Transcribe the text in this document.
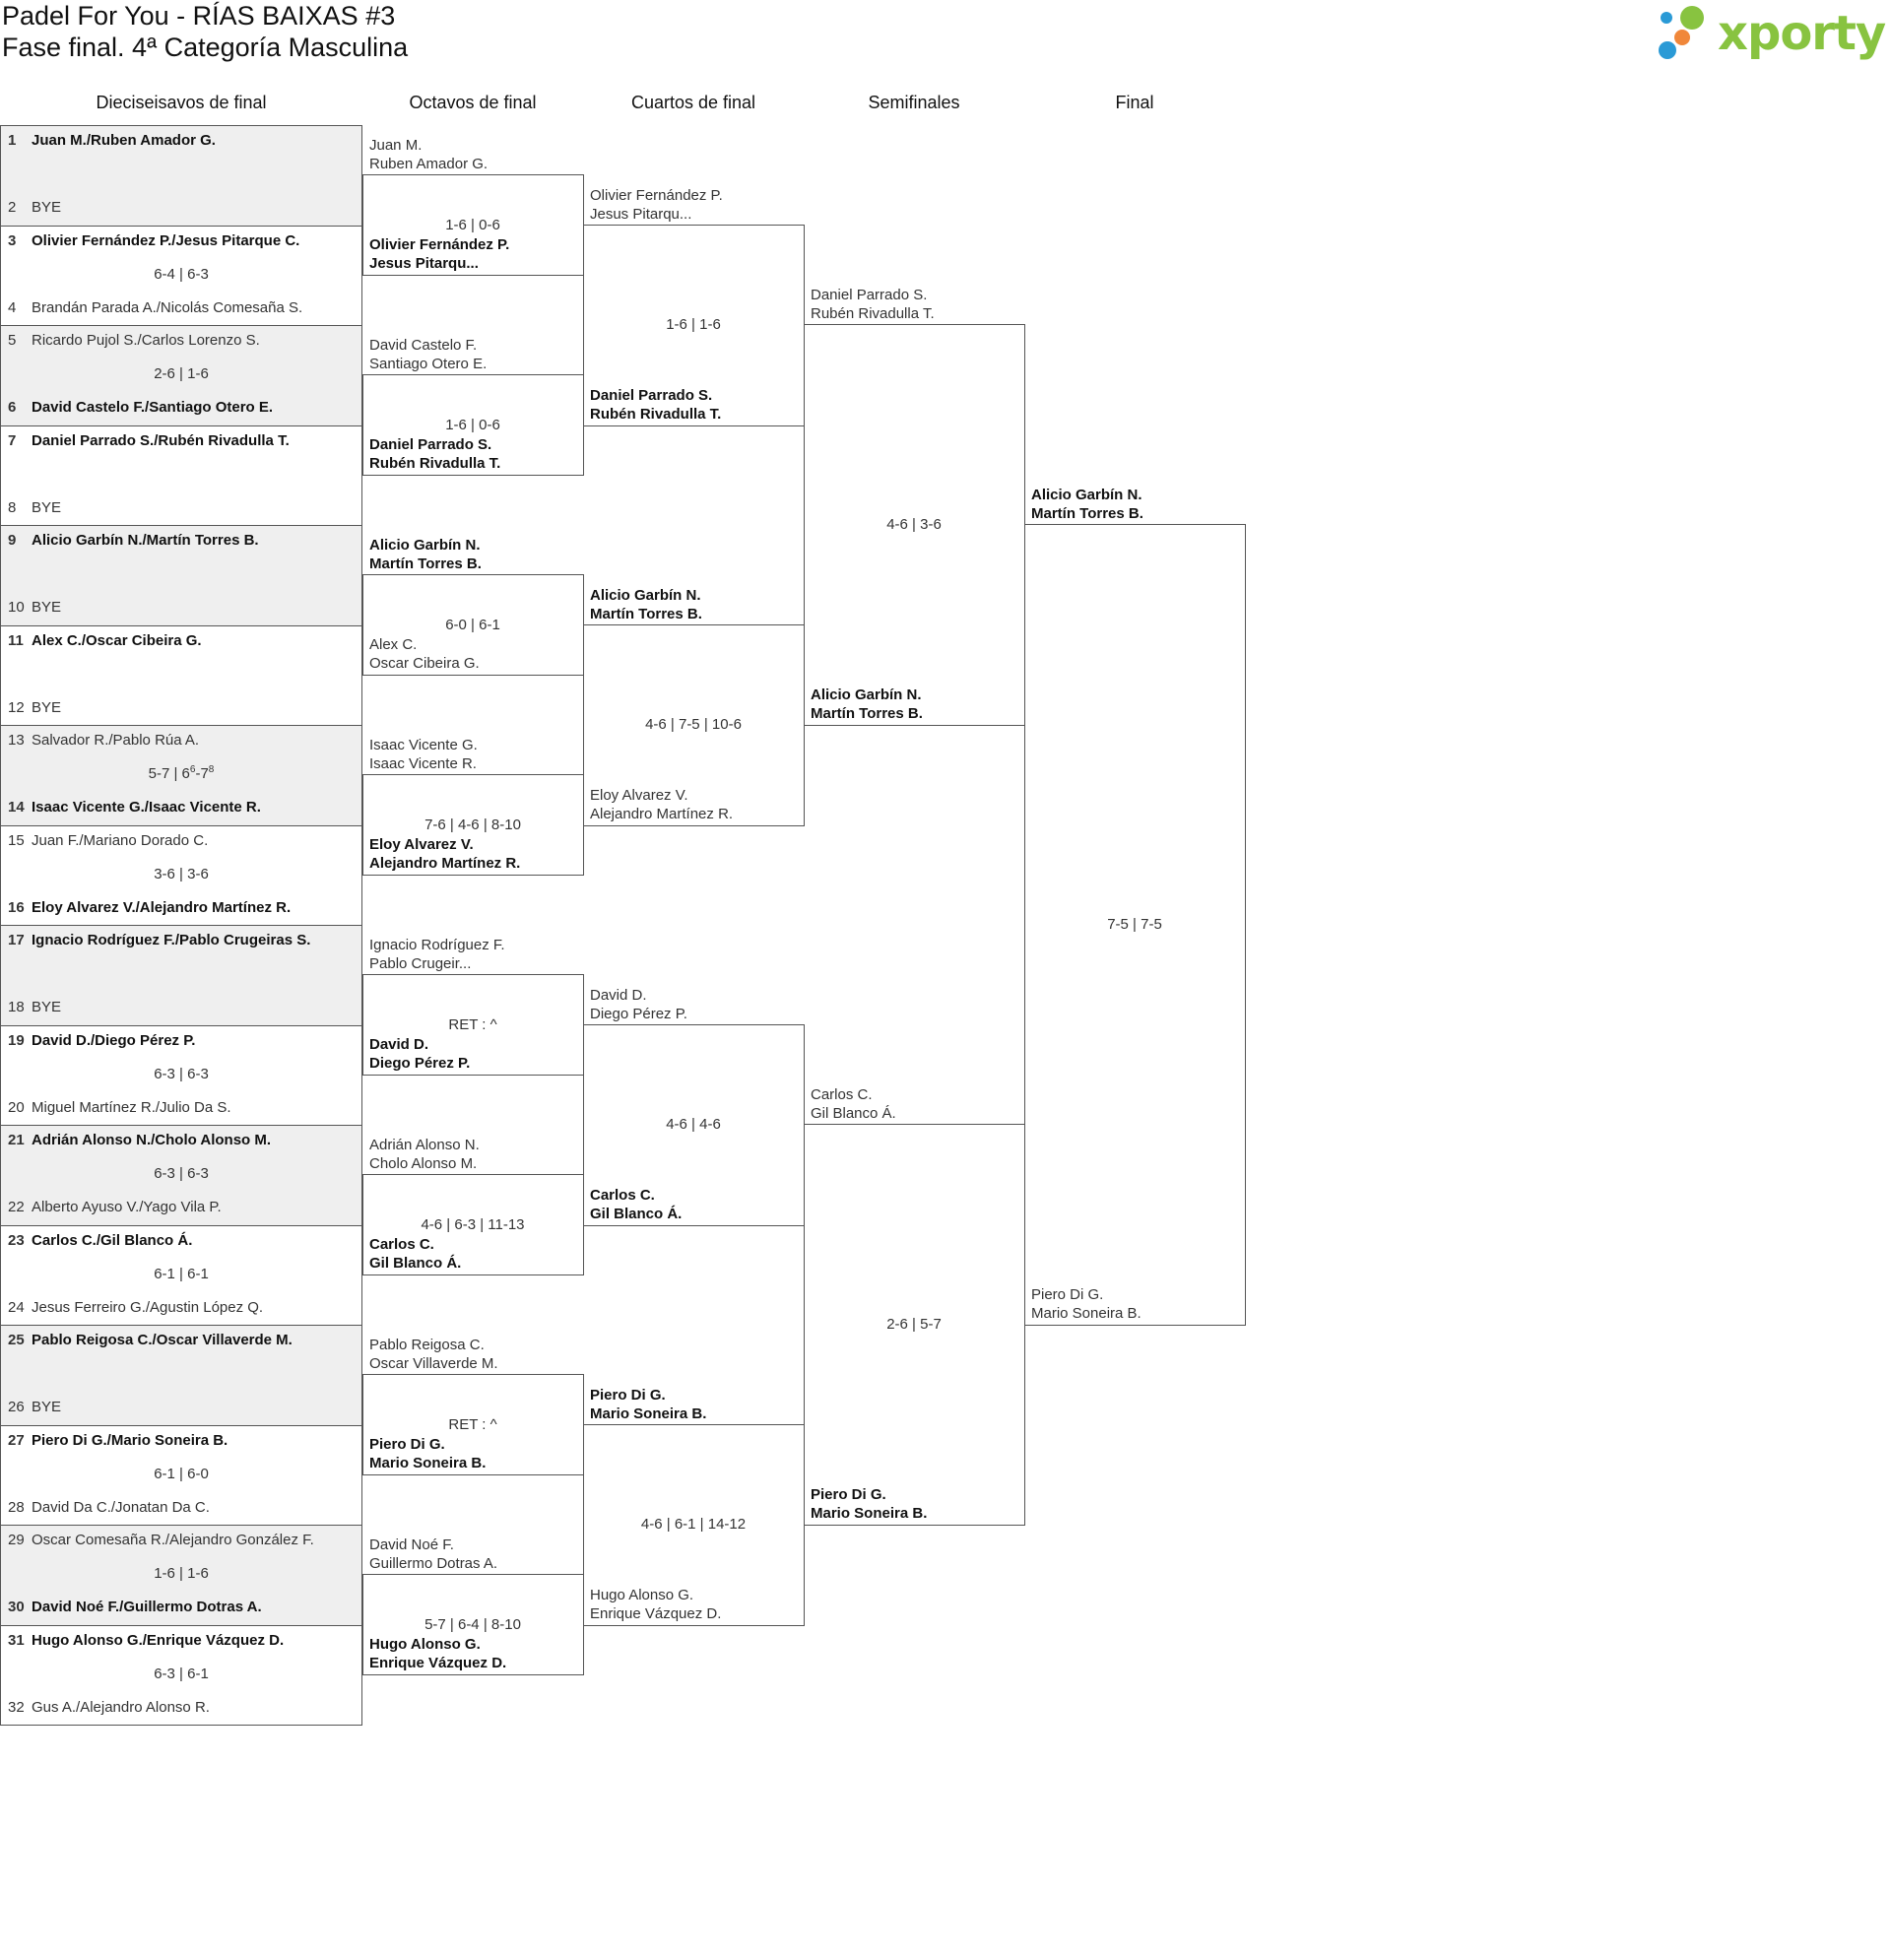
Padel For You - RÍAS BAIXAS #3
Fase final. 4ª Categoría Masculina	xporty
Dieciseisavos de final	Octavos de final	Cuartos de final	Semifinales	Final
1 Juan M./Ruben Amador G.
2 BYE
3 Olivier Fernández P./Jesus Pitarque C.
6-4 | 6-3
4 Brandán Parada A./Nicolás Comesaña S.
5 Ricardo Pujol S./Carlos Lorenzo S.
2-6 | 1-6
6 David Castelo F./Santiago Otero E.
7 Daniel Parrado S./Rubén Rivadulla T.
8 BYE
9 Alicio Garbín N./Martín Torres B.
10 BYE
11 Alex C./Oscar Cibeira G.
12 BYE
13 Salvador R./Pablo Rúa A.
5-7 | $6^6-7^8$
14 Isaac Vicente G./Isaac Vicente R.
15 Juan F./Mariano Dorado C.
3-6 | 3-6
16 Eloy Alvarez V./Alejandro Martínez R.
17 Ignacio Rodríguez F./Pablo Crugeiras S.
18 BYE
19 David D./Diego Pérez P.
6-3 | 6-3
20 Miguel Martínez R./Julio Da S.
21 Adrián Alonso N./Cholo Alonso M.
6-3 | 6-3
22 Alberto Ayuso V./Yago Vila P.
23 Carlos C./Gil Blanco Á.
6-1 | 6-1
24 Jesus Ferreiro G./Agustin López Q.
25 Pablo Reigosa C./Oscar Villaverde M.
26 BYE
27 Piero Di G./Mario Soneira B.
6-1 | 6-0
28 David Da C./Jonatan Da C.
29 Oscar Comesaña R./Alejandro González F.
1-6 | 1-6
30 David Noé F./Guillermo Dotras A.
31 Hugo Alonso G./Enrique Vázquez D.
6-3 | 6-1
32 Gus A./Alejandro Alonso R.
1-6 | 0-6
Juan M.
Ruben Amador G.
Olivier Fernández P.
Jesus Pitarqu...
1-6 | 0-6
David Castelo F.
Santiago Otero E.
Daniel Parrado S.
Rubén Rivadulla T.
6-0 | 6-1
Alicio Garbín N.
Martín Torres B.
Alex C.
Oscar Cibeira G.
7-6 | 4-6 | 8-10
Isaac Vicente G.
Isaac Vicente R.
Eloy Alvarez V.
Alejandro Martínez R.
RET : ^
Ignacio Rodríguez F.
Pablo Crugeir...
David D.
Diego Pérez P.
4-6 | 6-3 | 11-13
Adrián Alonso N.
Cholo Alonso M.
Carlos C.
Gil Blanco Á.
RET : ^
Pablo Reigosa C.
Oscar Villaverde M.
Piero Di G.
Mario Soneira B.
5-7 | 6-4 | 8-10
David Noé F.
Guillermo Dotras A.
Hugo Alonso G.
Enrique Vázquez D.
1-6 | 1-6
Olivier Fernández P.
Jesus Pitarqu...
Daniel Parrado S.
Rubén Rivadulla T.
4-6 | 7-5 | 10-6
Alicio Garbín N.
Martín Torres B.
Eloy Alvarez V.
Alejandro Martínez R.
4-6 | 4-6
David D.
Diego Pérez P.
Carlos C.
Gil Blanco Á.
4-6 | 6-1 | 14-12
Piero Di G.
Mario Soneira B.
Hugo Alonso G.
Enrique Vázquez D.
4-6 | 3-6
Daniel Parrado S.
Rubén Rivadulla T.
Alicio Garbín N.
Martín Torres B.
2-6 | 5-7
Carlos C.
Gil Blanco Á.
Piero Di G.
Mario Soneira B.
7-5 | 7-5
Alicio Garbín N.
Martín Torres B.
Piero Di G.
Mario Soneira B.
